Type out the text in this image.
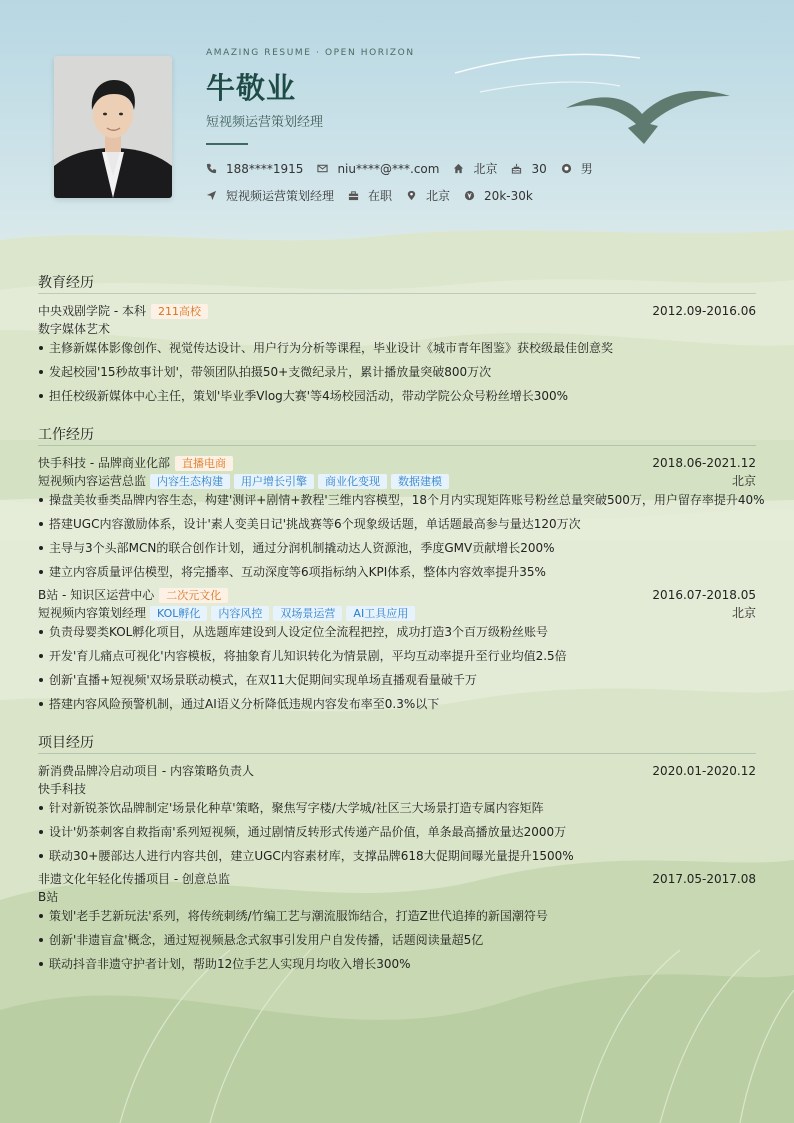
AMAZING RESUME · OPEN HORIZON
牛敬业
短视频运营策划经理
188****1915	niu****@***.com	北京	30	男
短视频运营策划经理	在职	北京	20k-30k
教育经历
中央戏剧学院 - 本科 211高校	2012.09-2016.06
数字媒体艺术
主修新媒体影像创作、视觉传达设计、用户行为分析等课程，毕业设计《城市青年图鉴》获校级最佳创意奖
发起校园'15秒故事计划'，带领团队拍摄50+支微纪录片，累计播放量突破800万次
担任校级新媒体中心主任，策划'毕业季Vlog大赛'等4场校园活动，带动学院公众号粉丝增长300%
工作经历
快手科技 - 品牌商业化部 直播电商	2018.06-2021.12
短视频内容运营总监 内容生态构建 用户增长引擎 商业化变现 数据建模	北京
操盘美妆垂类品牌内容生态，构建'测评+剧情+教程'三维内容模型，18个月内实现矩阵账号粉丝总量突破500万，用户留存率提升40%
搭建UGC内容激励体系，设计'素人变美日记'挑战赛等6个现象级话题，单话题最高参与量达120万次
主导与3个头部MCN的联合创作计划，通过分润机制撬动达人资源池，季度GMV贡献增长200%
建立内容质量评估模型，将完播率、互动深度等6项指标纳入KPI体系，整体内容效率提升35%
B站 - 知识区运营中心 二次元文化	2016.07-2018.05
短视频内容策划经理 KOL孵化 内容风控 双场景运营 AI工具应用	北京
负责母婴类KOL孵化项目，从选题库建设到人设定位全流程把控，成功打造3个百万级粉丝账号
开发'育儿痛点可视化'内容模板，将抽象育儿知识转化为情景剧，平均互动率提升至行业均值2.5倍
创新'直播+短视频'双场景联动模式，在双11大促期间实现单场直播观看量破千万
搭建内容风险预警机制，通过AI语义分析降低违规内容发布率至0.3%以下
项目经历
新消费品牌冷启动项目 - 内容策略负责人	2020.01-2020.12
快手科技
针对新锐茶饮品牌制定'场景化种草'策略，聚焦写字楼/大学城/社区三大场景打造专属内容矩阵
设计'奶茶刺客自救指南'系列短视频，通过剧情反转形式传递产品价值，单条最高播放量达2000万
联动30+腰部达人进行内容共创，建立UGC内容素材库，支撑品牌618大促期间曝光量提升1500%
非遗文化年轻化传播项目 - 创意总监	2017.05-2017.08
B站
策划'老手艺新玩法'系列，将传统刺绣/竹编工艺与潮流服饰结合，打造Z世代追捧的新国潮符号
创新'非遗盲盒'概念，通过短视频悬念式叙事引发用户自发传播，话题阅读量超5亿
联动抖音非遗守护者计划，帮助12位手艺人实现月均收入增长300%
